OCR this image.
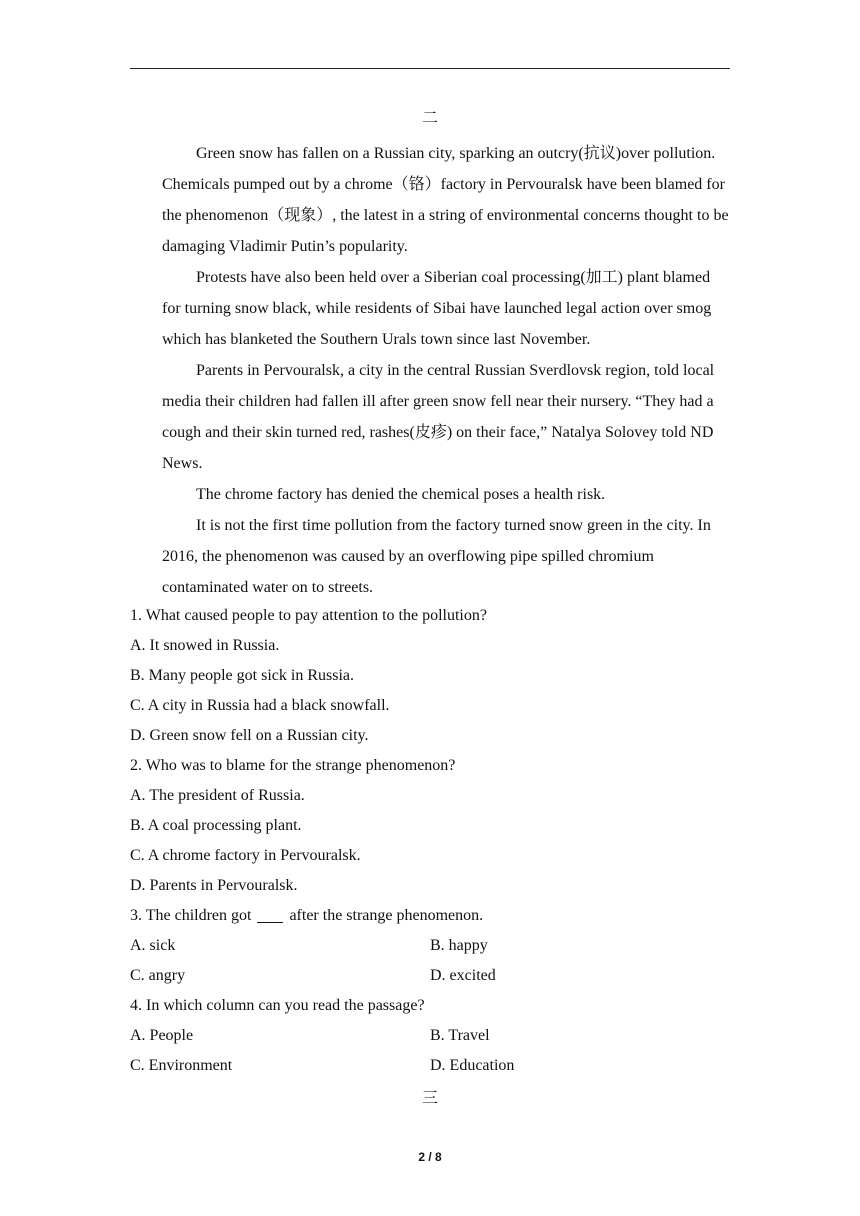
二
Green snow has fallen on a Russian city, sparking an outcry(抗议)over pollution.
Chemicals pumped out by a chrome（铬）factory in Pervouralsk have been blamed for
the phenomenon（现象）, the latest in a string of environmental concerns thought to be
damaging Vladimir Putin’s popularity.
Protests have also been held over a Siberian coal processing(加工) plant blamed
for turning snow black, while residents of Sibai have launched legal action over smog
which has blanketed the Southern Urals town since last November.
Parents in Pervouralsk, a city in the central Russian Sverdlovsk region, told local
media their children had fallen ill after green snow fell near their nursery. “They had a
cough and their skin turned red, rashes(皮疹) on their face,” Natalya Solovey told ND
News.
The chrome factory has denied the chemical poses a health risk.
It is not the first time pollution from the factory turned snow green in the city. In
2016, the phenomenon was caused by an overflowing pipe spilled chromium
contaminated water on to streets.
1. What caused people to pay attention to the pollution?
A. It snowed in Russia.
B. Many people got sick in Russia.
C. A city in Russia had a black snowfall.
D. Green snow fell on a Russian city.
2. Who was to blame for the strange phenomenon?
A. The president of Russia.
B. A coal processing plant.
C. A chrome factory in Pervouralsk.
D. Parents in Pervouralsk.
3. The children got after the strange phenomenon.
A. sick	B. happy
C. angry	D. excited
4. In which column can you read the passage?
A. People	B. Travel
C. Environment	D. Education
三
2 / 8
